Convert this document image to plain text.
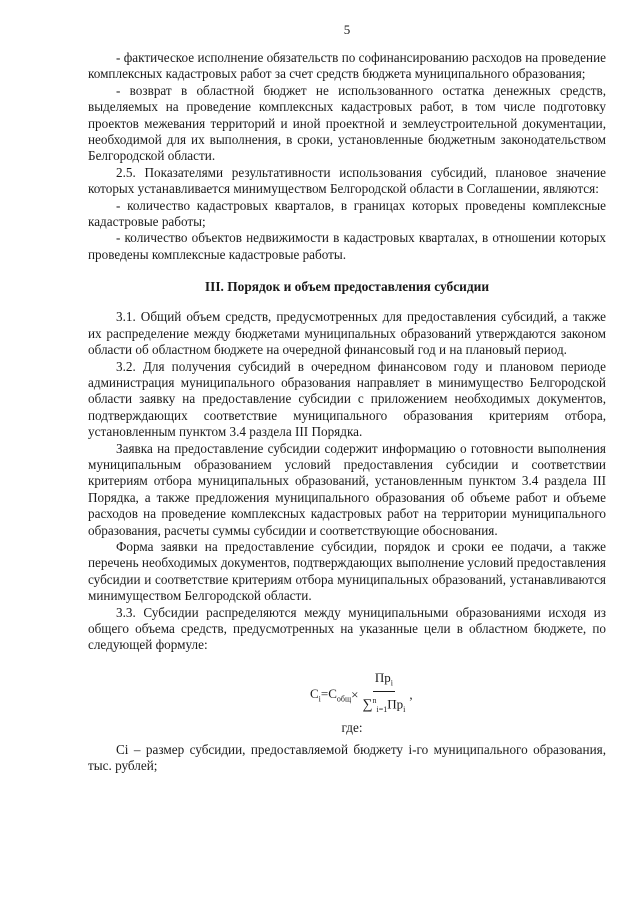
5

- фактическое исполнение обязательств по софинансированию расходов на проведение комплексных кадастровых работ за счет средств бюджета муниципального образования;

- возврат в областной бюджет не использованного остатка денежных средств, выделяемых на проведение комплексных кадастровых работ, в том числе подготовку проектов межевания территорий и иной проектной и землеустроительной документации, необходимой для их выполнения, в сроки, установленные бюджетным законодательством Белгородской области.

2.5. Показателями результативности использования субсидий, плановое значение которых устанавливается минимуществом Белгородской области в Соглашении, являются:

- количество кадастровых кварталов, в границах которых проведены комплексные кадастровые работы;

- количество объектов недвижимости в кадастровых кварталах, в отношении которых проведены комплексные кадастровые работы.

III. Порядок и объем предоставления субсидии

3.1. Общий объем средств, предусмотренных для предоставления субсидий, а также их распределение между бюджетами муниципальных образований утверждаются законом области об областном бюджете на очередной финансовый год и на плановый период.

3.2. Для получения субсидий в очередном финансовом году и плановом периоде администрация муниципального образования направляет в минимущество Белгородской области заявку на предоставление субсидии с приложением необходимых документов, подтверждающих соответствие муниципального образования критериям отбора, установленным пунктом 3.4 раздела III Порядка.

Заявка на предоставление субсидии содержит информацию о готовности выполнения муниципальным образованием условий предоставления субсидии и соответствии критериям отбора муниципальных образований, установленным пунктом 3.4 раздела III Порядка, а также предложения муниципального образования об объеме работ и объеме расходов на проведение комплексных кадастровых работ на территории муниципального образования, расчеты суммы субсидии и соответствующие обоснования.

Форма заявки на предоставление субсидии, порядок и сроки ее подачи, а также перечень необходимых документов, подтверждающих выполнение условий предоставления субсидии и соответствие критериям отбора муниципальных образований, устанавливаются минимуществом Белгородской области.

3.3. Субсидии распределяются между муниципальными образованиями исходя из общего объема средств, предусмотренных на указанные цели в областном бюджете, по следующей формуле:

$C_i =C_{общ} \times \frac{Пр_i}{\sum^n_{i=1}Пр_i}$ ,
где:

Ci – размер субсидии, предоставляемой бюджету i-го муниципального образования, тыс. рублей;
